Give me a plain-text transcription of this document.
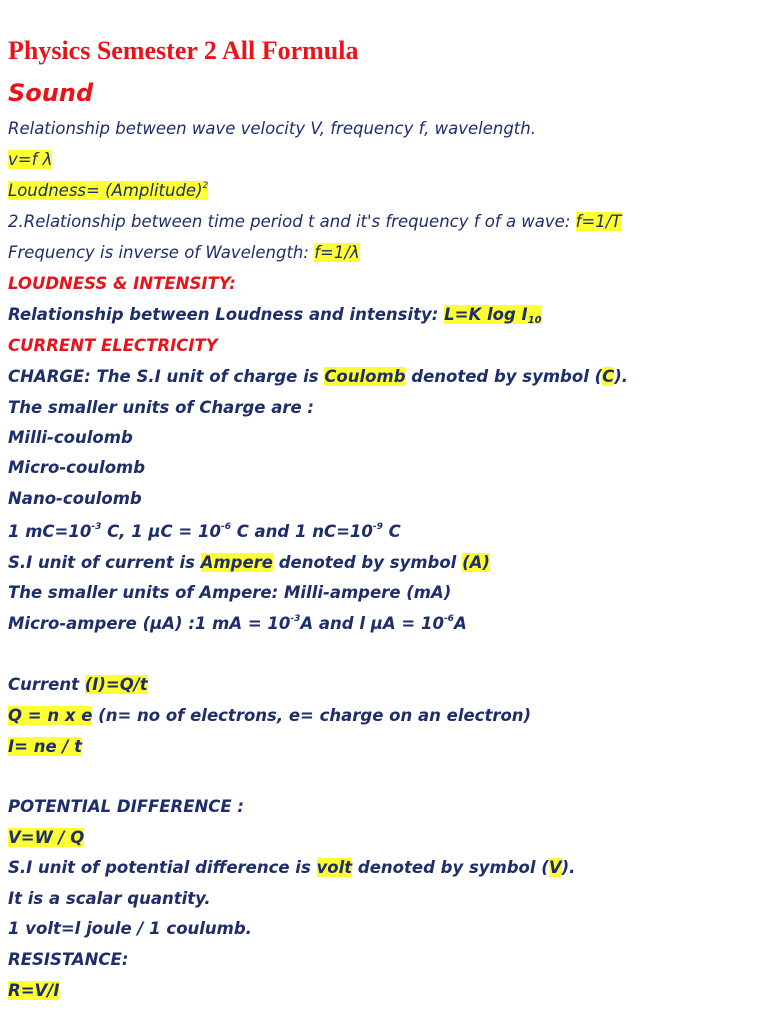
Physics Semester 2 All Formula
Sound
Relationship between wave velocity V, frequency f, wavelength.
v=f λ
Loudness= (Amplitude)$^2$
2.Relationship between time period t and it's frequency f of a wave: f=1/T
Frequency is inverse of Wavelength: f=1/λ
LOUDNESS & INTENSITY:
Relationship between Loudness and intensity: L=K $\log I_{10}$
CURRENT ELECTRICITY
CHARGE: The S.I unit of charge is Coulomb denoted by symbol (C).
The smaller units of Charge are :
Milli-coulomb
Micro-coulomb
Nano-coulomb
1 $mC=10^{-3}$ C, 1 $\mu C = 10^{-6}$ C and 1 $nC=10^{-9}$ C
S.I unit of current is Ampere denoted by symbol (A)
The smaller units of Ampere: Milli-ampere (mA)
Micro-ampere (μA) :1 mA = $10^{-3}A$ and l $\mu A = 10^{-6}A$
Current (I)=Q/t
Q = n x e (n= no of electrons, e= charge on an electron)
I= ne / t
POTENTIAL DIFFERENCE :
V=W / Q
S.I unit of potential difference is volt denoted by symbol (V).
It is a scalar quantity.
1 volt=l joule / 1 coulumb.
RESISTANCE:
R=V/I
